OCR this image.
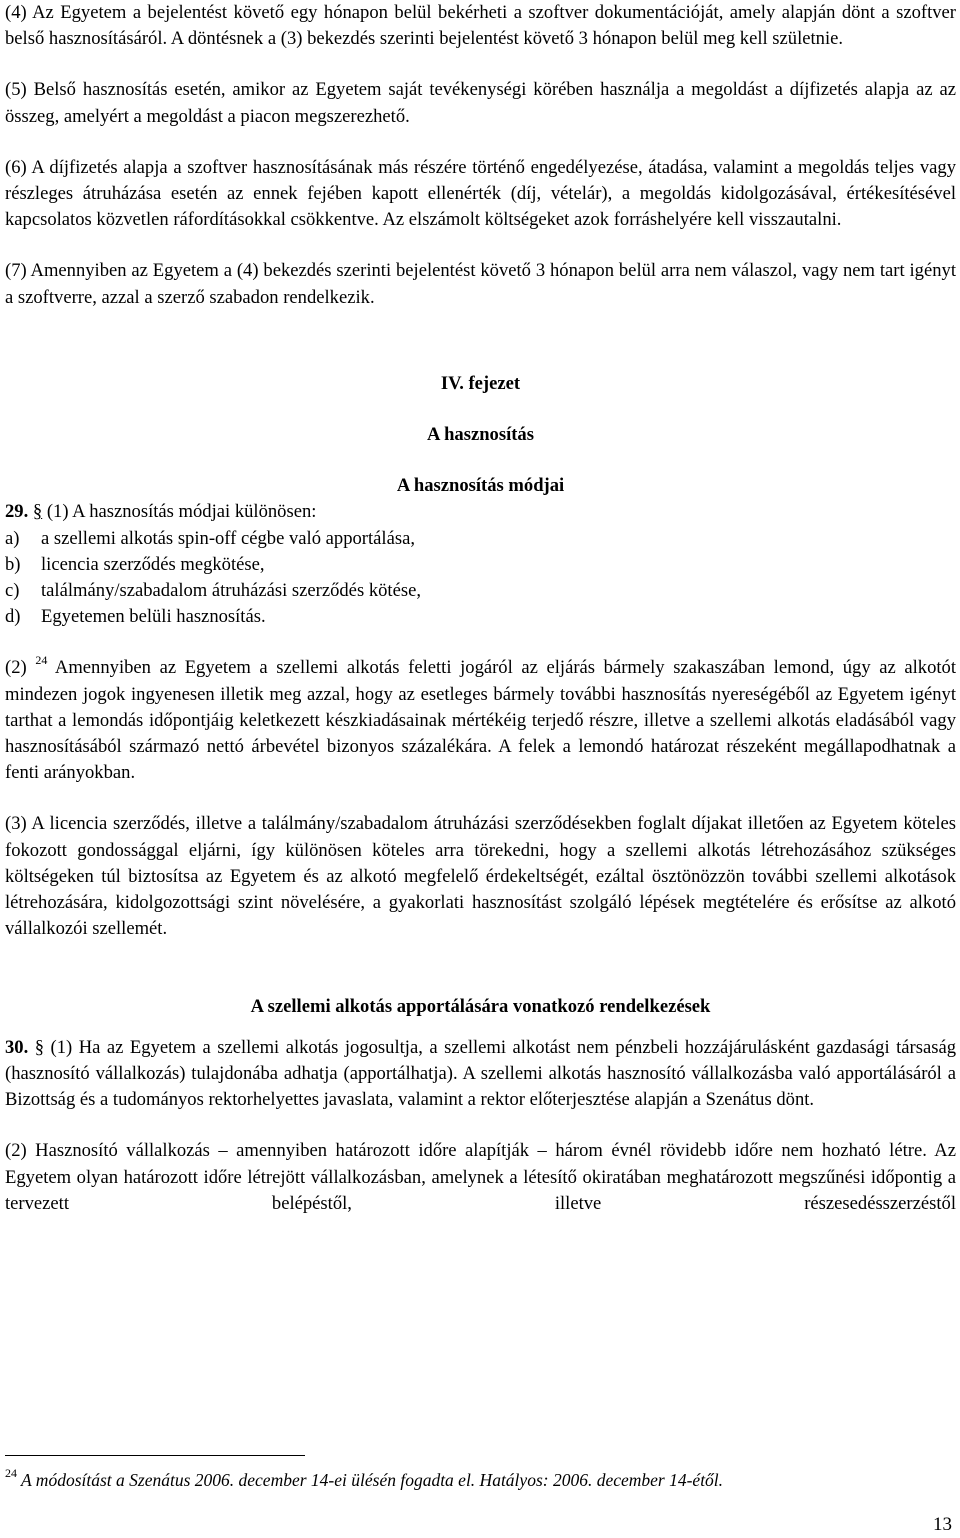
(4) Az Egyetem a bejelentést követő egy hónapon belül bekérheti a szoftver dokumentációját, amely alapján dönt a szoftver belső hasznosításáról. A döntésnek a (3) bekezdés szerinti bejelentést követő 3 hónapon belül meg kell születnie.

(5) Belső hasznosítás esetén, amikor az Egyetem saját tevékenységi körében használja a megoldást a díjfizetés alapja az az összeg, amelyért a megoldást a piacon megszerezhető.

(6) A díjfizetés alapja a szoftver hasznosításának más részére történő engedélyezése, átadása, valamint a megoldás teljes vagy részleges átruházása esetén az ennek fejében kapott ellenérték (díj, vételár), a megoldás kidolgozásával, értékesítésével kapcsolatos közvetlen ráfordításokkal csökkentve. Az elszámolt költségeket azok forráshelyére kell visszautalni.

(7) Amennyiben az Egyetem a (4) bekezdés szerinti bejelentést követő 3 hónapon belül arra nem válaszol, vagy nem tart igényt a szoftverre, azzal a szerző szabadon rendelkezik.

IV. fejezet

A hasznosítás

A hasznosítás módjai

29. § (1) A hasznosítás módjai különösen:

a)	a szellemi alkotás spin-off cégbe való apportálása,
b)	licencia szerződés megkötése,
c)	találmány/szabadalom átruházási szerződés kötése,
d)	Egyetemen belüli hasznosítás.

(2) $^{24}$ Amennyiben az Egyetem a szellemi alkotás feletti jogáról az eljárás bármely szakaszában lemond, úgy az alkotót mindezen jogok ingyenesen illetik meg azzal, hogy az esetleges bármely további hasznosítás nyereségéből az Egyetem igényt tarthat a lemondás időpontjáig keletkezett készkiadásainak mértékéig terjedő részre, illetve a szellemi alkotás eladásából vagy hasznosításából származó nettó árbevétel bizonyos százalékára. A felek a lemondó határozat részeként megállapodhatnak a fenti arányokban.

(3) A licencia szerződés, illetve a találmány/szabadalom átruházási szerződésekben foglalt díjakat illetően az Egyetem köteles fokozott gondossággal eljárni, így különösen köteles arra törekedni, hogy a szellemi alkotás létrehozásához szükséges költségeken túl biztosítsa az Egyetem és az alkotó megfelelő érdekeltségét, ezáltal ösztönözzön további szellemi alkotások létrehozására, kidolgozottsági szint növelésére, a gyakorlati hasznosítást szolgáló lépések megtételére és erősítse az alkotó vállalkozói szellemét.

A szellemi alkotás apportálására vonatkozó rendelkezések

30. § (1) Ha az Egyetem a szellemi alkotás jogosultja, a szellemi alkotást nem pénzbeli hozzájárulásként gazdasági társaság (hasznosító vállalkozás) tulajdonába adhatja (apportálhatja). A szellemi alkotás hasznosító vállalkozásba való apportálásáról a Bizottság és a tudományos rektorhelyettes javaslata, valamint a rektor előterjesztése alapján a Szenátus dönt.

(2) Hasznosító vállalkozás – amennyiben határozott időre alapítják – három évnél rövidebb időre nem hozható létre. Az Egyetem olyan határozott időre létrejött vállalkozásban, amelynek a létesítő okiratában meghatározott megszűnési időpontig a tervezett belépéstől, illetve részesedésszerzéstől

$^{24}$ A módosítást a Szenátus 2006. december 14-ei ülésén fogadta el. Hatályos: 2006. december 14-étől.
13
